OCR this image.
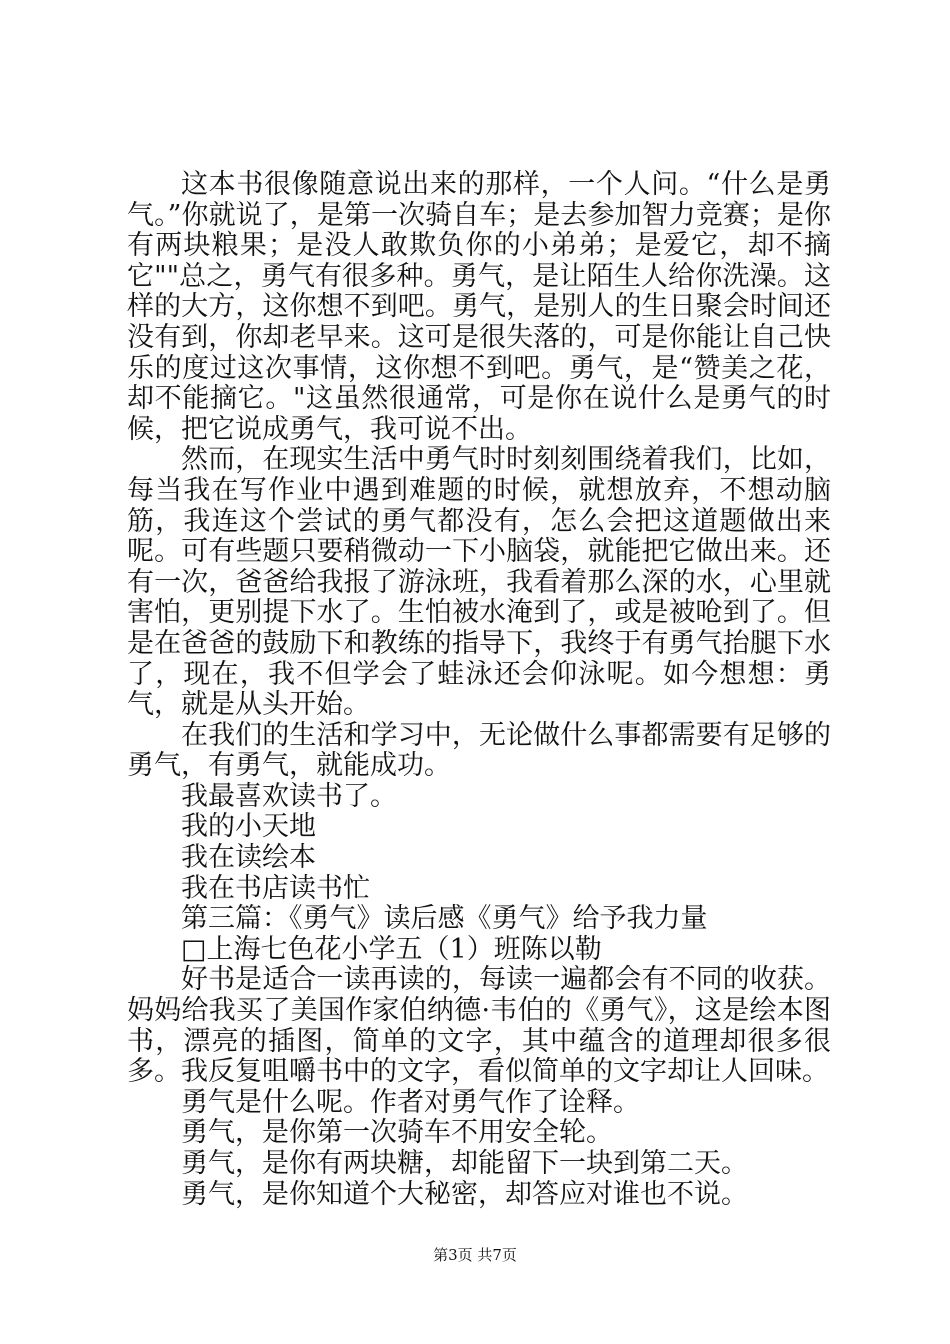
这本书很像随意说出来的那样，一个人问。“什么是勇气。”你就说了，是第一次骑自车；是去参加智力竞赛；是你有两块粮果；是没人敢欺负你的小弟弟；是爱它，却不摘它""总之，勇气有很多种。勇气，是让陌生人给你洗澡。这样的大方，这你想不到吧。勇气，是别人的生日聚会时间还没有到，你却老早来。这可是很失落的，可是你能让自己快乐的度过这次事情，这你想不到吧。勇气，是“赞美之花，却不能摘它。"这虽然很通常，可是你在说什么是勇气的时候，把它说成勇气，我可说不出。

然而，在现实生活中勇气时时刻刻围绕着我们，比如，每当我在写作业中遇到难题的时候，就想放弃，不想动脑筋，我连这个尝试的勇气都没有，怎么会把这道题做出来呢。可有些题只要稍微动一下小脑袋，就能把它做出来。还有一次，爸爸给我报了游泳班，我看着那么深的水，心里就害怕，更别提下水了。生怕被水淹到了，或是被呛到了。但是在爸爸的鼓励下和教练的指导下，我终于有勇气抬腿下水了，现在，我不但学会了蛙泳还会仰泳呢。如今想想：勇气，就是从头开始。

在我们的生活和学习中，无论做什么事都需要有足够的勇气，有勇气，就能成功。

我最喜欢读书了。

我的小天地

我在读绘本

我在书店读书忙

第三篇：《勇气》读后感《勇气》给予我力量

□上海七色花小学五（1）班陈以勒

好书是适合一读再读的，每读一遍都会有不同的收获。妈妈给我买了美国作家伯纳德·韦伯的《勇气》，这是绘本图书，漂亮的插图，简单的文字，其中蕴含的道理却很多很多。我反复咀嚼书中的文字，看似简单的文字却让人回味。

勇气是什么呢。作者对勇气作了诠释。

勇气，是你第一次骑车不用安全轮。

勇气，是你有两块糖，却能留下一块到第二天。

勇气，是你知道个大秘密，却答应对谁也不说。

第3页 共7页
